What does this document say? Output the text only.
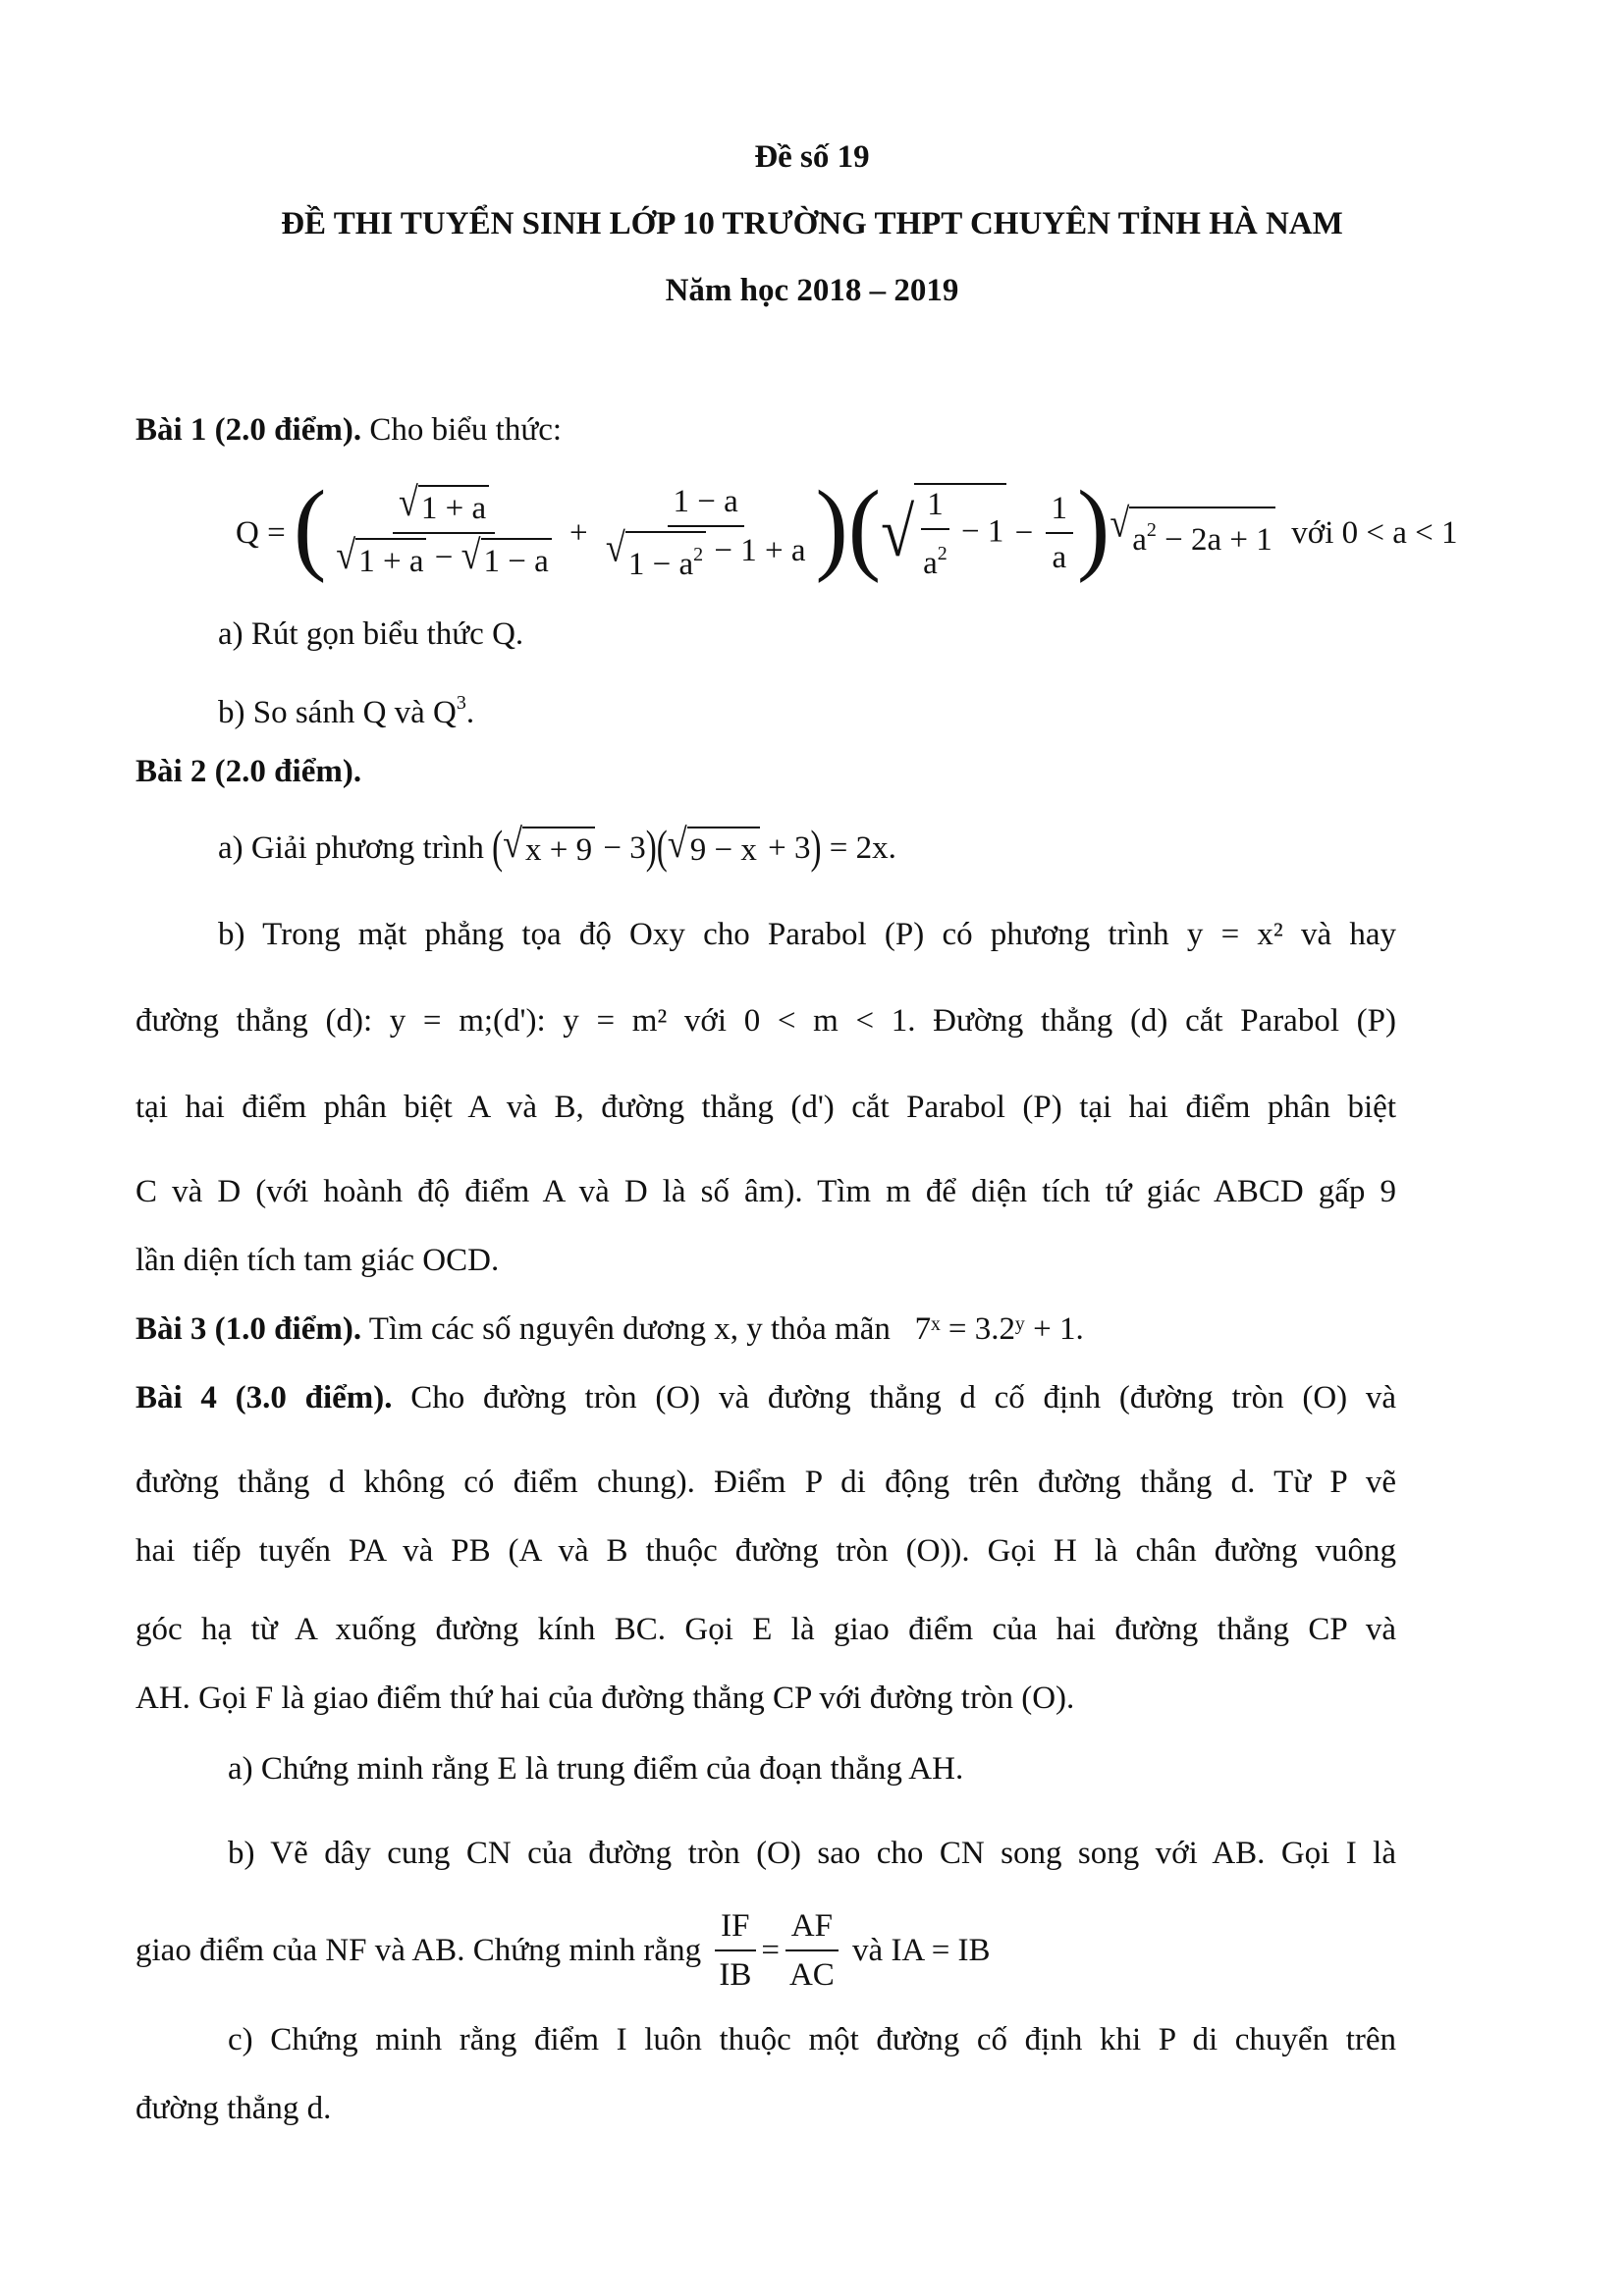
Đề số 19
ĐỀ THI TUYỂN SINH LỚP 10 TRƯỜNG THPT CHUYÊN TỈNH HÀ NAM
Năm học 2018 – 2019
Bài 1 (2.0 điểm). Cho biểu thức:
Q = ( $\frac{√ 1 + a}{√ 1 + a - √ 1 - a} + \frac{1 - a}{√ 1 - a^2 - 1 + a}$ ) ( √ $\frac{1}{a^2} - 1 - \frac{1}{a}$ ) √ $a^2 - 2a + 1$
với 0 < a < 1
a) Rút gọn biểu thức Q.
b) So sánh Q và $Q^3$.
Bài 2 (2.0 điểm).
a) Giải phương trình
( √ x + 9 − 3 ) ( √ 9 − x + 3 )
= 2x.
b) Trong mặt phẳng tọa độ Oxy cho Parabol (P) có phương trình y = x² và hay
đường thẳng (d): y = m;(d'): y = m² với 0 < m < 1. Đường thẳng (d) cắt Parabol (P)
tại hai điểm phân biệt A và B, đường thẳng (d') cắt Parabol (P) tại hai điểm phân biệt
C và D (với hoành độ điểm A và D là số âm). Tìm m để diện tích tứ giác ABCD gấp 9
lần diện tích tam giác OCD.
Bài 3 (1.0 điểm). Tìm các số nguyên dương x, y thỏa mãn 7ˣ = 3.2ʸ + 1.
Bài 4 (3.0 điểm). Cho đường tròn (O) và đường thẳng d cố định (đường tròn (O) và
đường thẳng d không có điểm chung). Điểm P di động trên đường thẳng d. Từ P vẽ
hai tiếp tuyến PA và PB (A và B thuộc đường tròn (O)). Gọi H là chân đường vuông
góc hạ từ A xuống đường kính BC. Gọi E là giao điểm của hai đường thẳng CP và
AH. Gọi F là giao điểm thứ hai của đường thẳng CP với đường tròn (O).
a) Chứng minh rằng E là trung điểm của đoạn thẳng AH.
b) Vẽ dây cung CN của đường tròn (O) sao cho CN song song với AB. Gọi I là
giao điểm của NF và AB. Chứng minh rằng
$\frac{IF}{IB} = \frac{AF}{AC}$
và IA = IB
c) Chứng minh rằng điểm I luôn thuộc một đường cố định khi P di chuyển trên
đường thẳng d.
